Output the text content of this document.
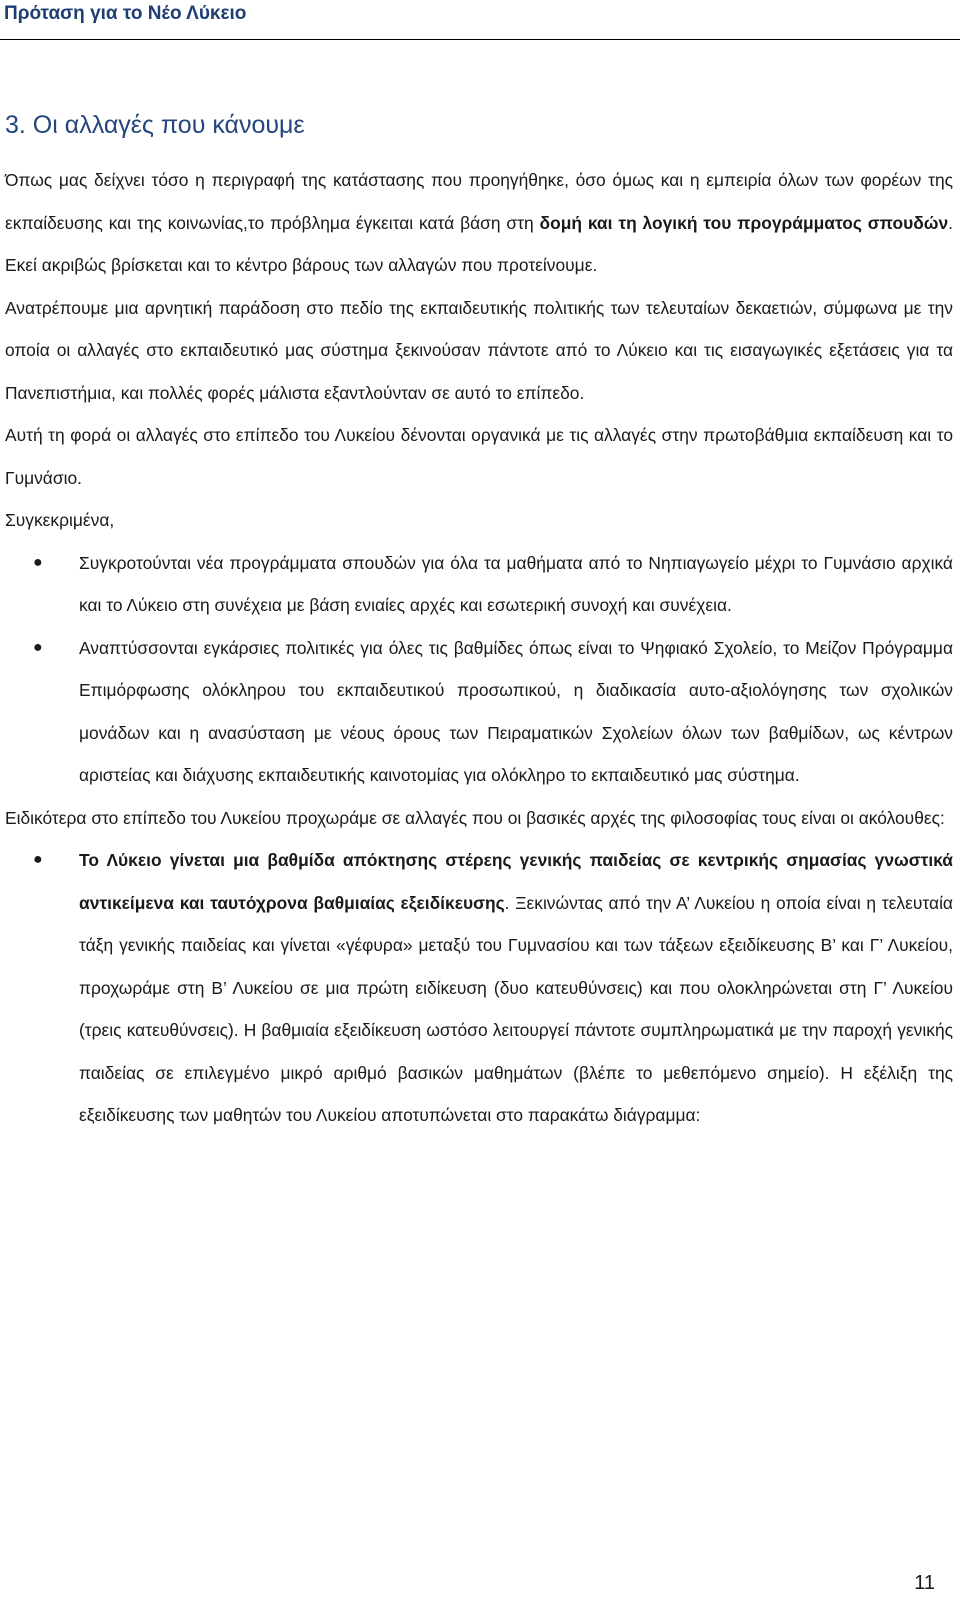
Πρόταση για το Νέο Λύκειο
3. Οι αλλαγές που κάνουμε

Όπως μας δείχνει τόσο η περιγραφή της κατάστασης που προηγήθηκε, όσο όμως και η εμπειρία όλων των φορέων της εκπαίδευσης και της κοινωνίας,το πρόβλημα έγκειται κατά βάση στη δομή και τη λογική του προγράμματος σπουδών. Εκεί ακριβώς βρίσκεται και το κέντρο βάρους των αλλαγών που προτείνουμε.

Ανατρέπουμε μια αρνητική παράδοση στο πεδίο της εκπαιδευτικής πολιτικής των τελευταίων δεκαετιών, σύμφωνα με την οποία οι αλλαγές στο εκπαιδευτικό μας σύστημα ξεκινούσαν πάντοτε από το Λύκειο και τις εισαγωγικές εξετάσεις για τα Πανεπιστήμια, και πολλές φορές μάλιστα εξαντλούνταν σε αυτό το επίπεδο.

Αυτή τη φορά οι αλλαγές στο επίπεδο του Λυκείου δένονται οργανικά με τις αλλαγές στην πρωτοβάθμια εκπαίδευση και το Γυμνάσιο.

Συγκεκριμένα,

● Συγκροτούνται νέα προγράμματα σπουδών για όλα τα μαθήματα από το Νηπιαγωγείο μέχρι το Γυμνάσιο αρχικά και το Λύκειο στη συνέχεια με βάση ενιαίες αρχές και εσωτερική συνοχή και συνέχεια.

● Αναπτύσσονται εγκάρσιες πολιτικές για όλες τις βαθμίδες όπως είναι το Ψηφιακό Σχολείο, το Μείζον Πρόγραμμα Επιμόρφωσης ολόκληρου του εκπαιδευτικού προσωπικού, η διαδικασία αυτο-αξιολόγησης των σχολικών μονάδων και η ανασύσταση με νέους όρους των Πειραματικών Σχολείων όλων των βαθμίδων, ως κέντρων αριστείας και διάχυσης εκπαιδευτικής καινοτομίας για ολόκληρο το εκπαιδευτικό μας σύστημα.

Ειδικότερα στο επίπεδο του Λυκείου προχωράμε σε αλλαγές που οι βασικές αρχές της φιλοσοφίας τους είναι οι ακόλουθες:

● Το Λύκειο γίνεται μια βαθμίδα απόκτησης στέρεης γενικής παιδείας σε κεντρικής σημασίας γνωστικά αντικείμενα και ταυτόχρονα βαθμιαίας εξειδίκευσης. Ξεκινώντας από την Α’ Λυκείου η οποία είναι η τελευταία τάξη γενικής παιδείας και γίνεται «γέφυρα» μεταξύ του Γυμνασίου και των τάξεων εξειδίκευσης Β’ και Γ’ Λυκείου, προχωράμε στη Β’ Λυκείου σε μια πρώτη ειδίκευση (δυο κατευθύνσεις) και που ολοκληρώνεται στη Γ’ Λυκείου (τρεις κατευθύνσεις). Η βαθμιαία εξειδίκευση ωστόσο λειτουργεί πάντοτε συμπληρωματικά με την παροχή γενικής παιδείας σε επιλεγμένο μικρό αριθμό βασικών μαθημάτων (βλέπε το μεθεπόμενο σημείο). Η εξέλιξη της εξειδίκευσης των μαθητών του Λυκείου αποτυπώνεται στο παρακάτω διάγραμμα:

11
